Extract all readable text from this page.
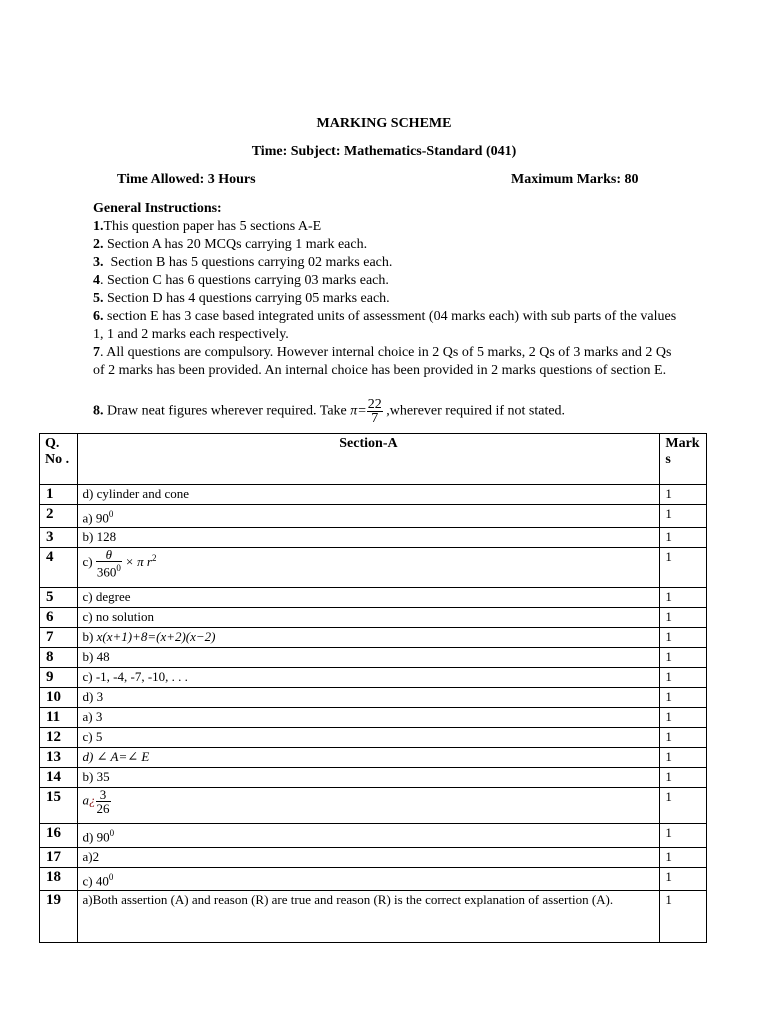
MARKING SCHEME
Time: Subject: Mathematics-Standard (041)
Time Allowed: 3 Hours	Maximum Marks: 80
General Instructions:
1.This question paper has 5 sections A-E
2. Section A has 20 MCQs carrying 1 mark each.
3.  Section B has 5 questions carrying 02 marks each.
4. Section C has 6 questions carrying 03 marks each.
5. Section D has 4 questions carrying 05 marks each.
6. section E has 3 case based integrated units of assessment (04 marks each) with sub parts of the values 1, 1 and 2 marks each respectively.
7. All questions are compulsory. However internal choice in 2 Qs of 5 marks, 2 Qs of 3 marks and 2 Qs of 2 marks has been provided. An internal choice has been provided in 2 marks questions of section E.
8. Draw neat figures wherever required. Take $\pi= \frac{22}{7}$ ,wherever required if not stated.
Q. No .	Section-A	Mark s
1	d) cylinder and cone	1
2	a) $90^0$	1
3	b) 128	1
4	$c) \frac{\theta}{360^0} \times \pi$ $r^2$	1
5	c) degree	1
6	c) no solution	1
7	b) x(x+1)+8=(x+2)(x−2)	1
8	b) 48	1
9	c) -1, -4, -7, -10, . . .	1
10	d) 3	1
11	a) 3	1
12	c) 5	1
13	d) ∠ A=∠ E	1
14	b) 35	1
15	a¿ $\frac{3}{26}$	1
16	d) $90^0$	1
17	a)2	1
18	c) $40^0$	1
19	a)Both assertion (A) and reason (R) are true and reason (R) is the correct explanation of assertion (A).	1
